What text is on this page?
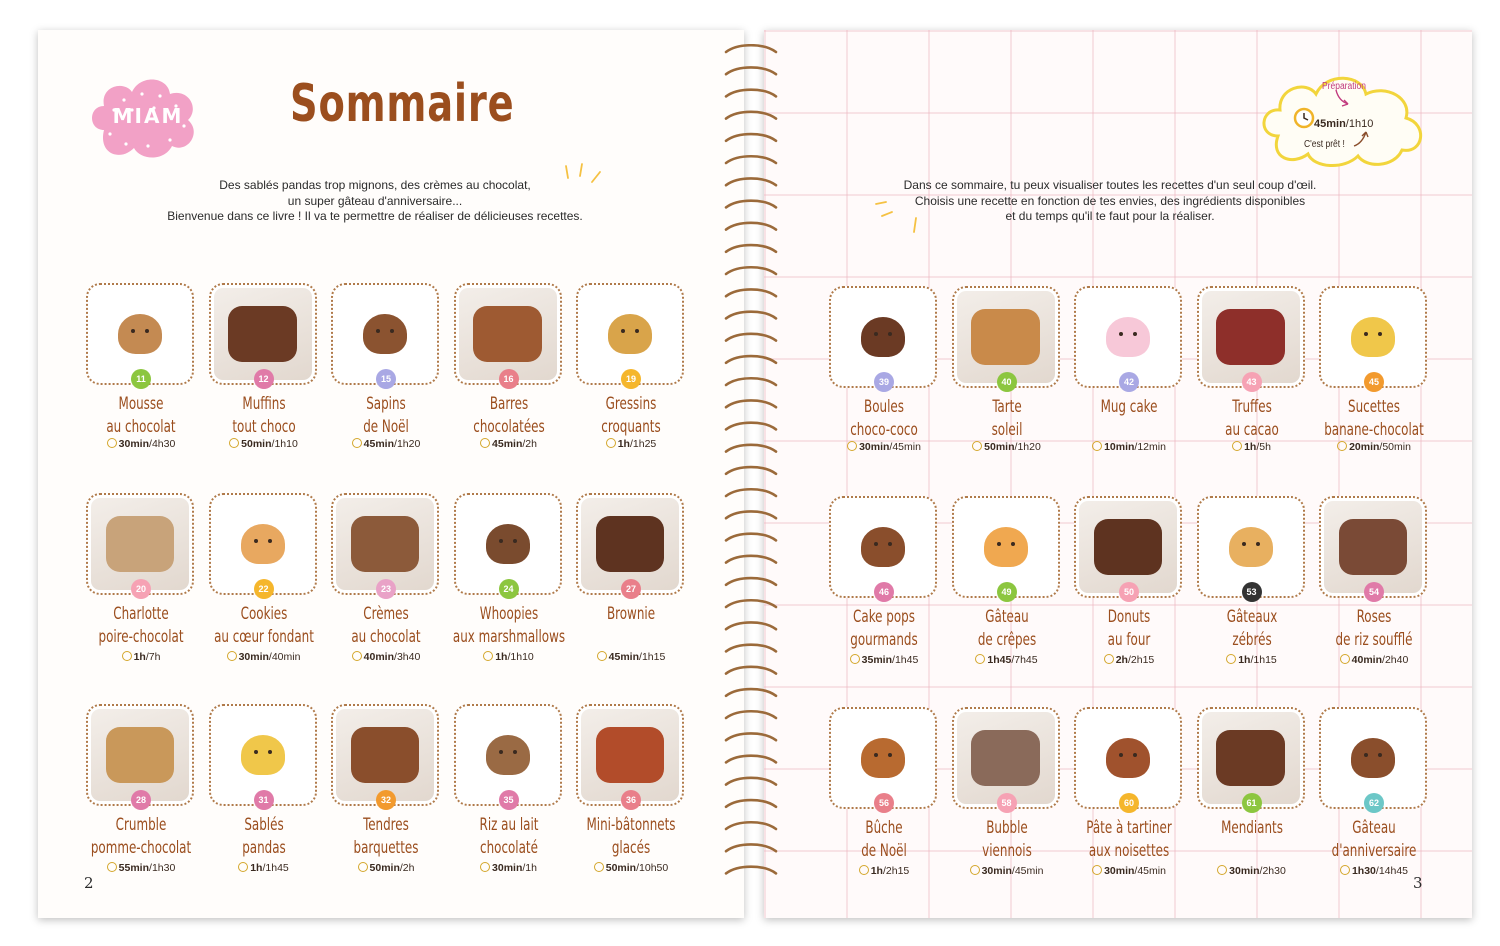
MIAM Sommaire
Des sablés pandas trop mignons, des crèmes au chocolat,
un super gâteau d'anniversaire...
Bienvenue dans ce livre ! Il va te permettre de réaliser de délicieuses recettes.
Dans ce sommaire, tu peux visualiser toutes les recettes d'un seul coup d'œil.
Choisis une recette en fonction de tes envies, des ingrédients disponibles
et du temps qu'il te faut pour la réaliser.
Préparation
45min/1h10
C'est prêt !
11
Mousse
au chocolat
30min/4h30
12
Muffins
tout choco
50min/1h10
15
Sapins
de Noël
45min/1h20
16
Barres
chocolatées
45min/2h
19
Gressins
croquants
1h/1h25
20
Charlotte
poire-chocolat
1h/7h
22
Cookies
au cœur fondant
30min/40min
23
Crèmes
au chocolat
40min/3h40
24
Whoopies
aux marshmallows
1h/1h10
27
Brownie

45min/1h15
28
Crumble
pomme-chocolat
55min/1h30
31
Sablés
pandas
1h/1h45
32
Tendres
barquettes
50min/2h
35
Riz au lait
chocolaté
30min/1h
36
Mini-bâtonnets
glacés
50min/10h50
39
Boules
choco-coco
30min/45min
40
Tarte
soleil
50min/1h20
42
Mug cake

10min/12min
43
Truffes
au cacao
1h/5h
45
Sucettes
banane-chocolat
20min/50min
46
Cake pops
gourmands
35min/1h45
49
Gâteau
de crêpes
1h45/7h45
50
Donuts
au four
2h/2h15
53
Gâteaux
zébrés
1h/1h15
54
Roses
de riz soufflé
40min/2h40
56
Bûche
de Noël
1h/2h15
58
Bubble
viennois
30min/45min
60
Pâte à tartiner
aux noisettes
30min/45min
61
Mendiants

30min/2h30
62
Gâteau
d'anniversaire
1h30/14h45
2	3
